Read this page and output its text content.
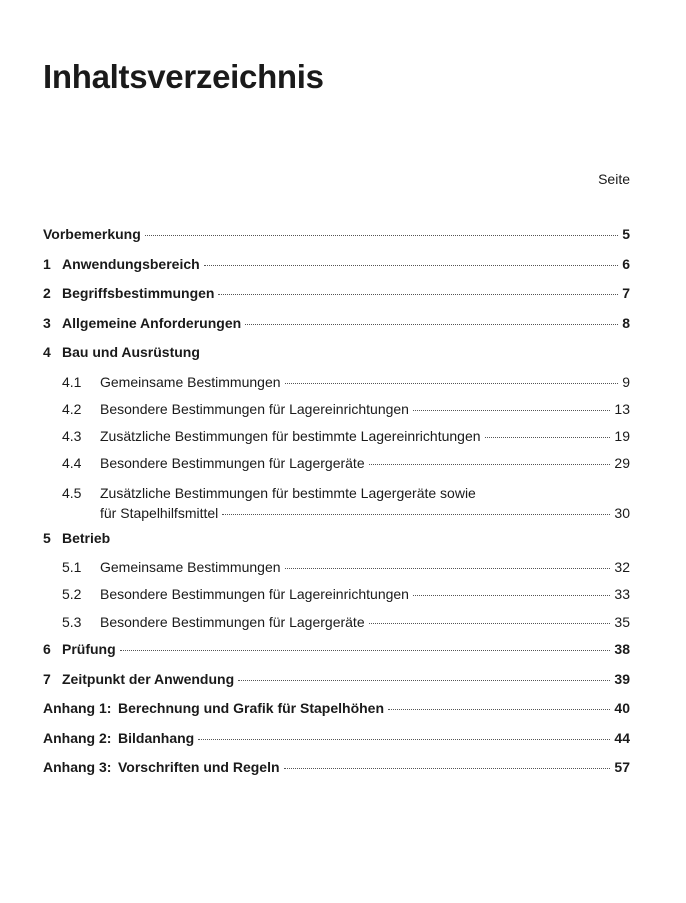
Inhaltsverzeichnis
Seite
Vorbemerkung	5
1 Anwendungsbereich	6
2 Begriffsbestimmungen	7
3 Allgemeine Anforderungen	8
4 Bau und Ausrüstung
4.1	Gemeinsame Bestimmungen	9
4.2	Besondere Bestimmungen für Lagereinrichtungen	13
4.3	Zusätzliche Bestimmungen für bestimmte Lagereinrichtungen	19
4.4	Besondere Bestimmungen für Lagergeräte	29
4.5	Zusätzliche Bestimmungen für bestimmte Lagergeräte sowie
für Stapelhilfsmittel	30
5 Betrieb
5.1	Gemeinsame Bestimmungen	32
5.2	Besondere Bestimmungen für Lagereinrichtungen	33
5.3	Besondere Bestimmungen für Lagergeräte	35
6 Prüfung	38
7 Zeitpunkt der Anwendung	39
Anhang 1: Berechnung und Grafik für Stapelhöhen	40
Anhang 2: Bildanhang	44
Anhang 3: Vorschriften und Regeln	57
